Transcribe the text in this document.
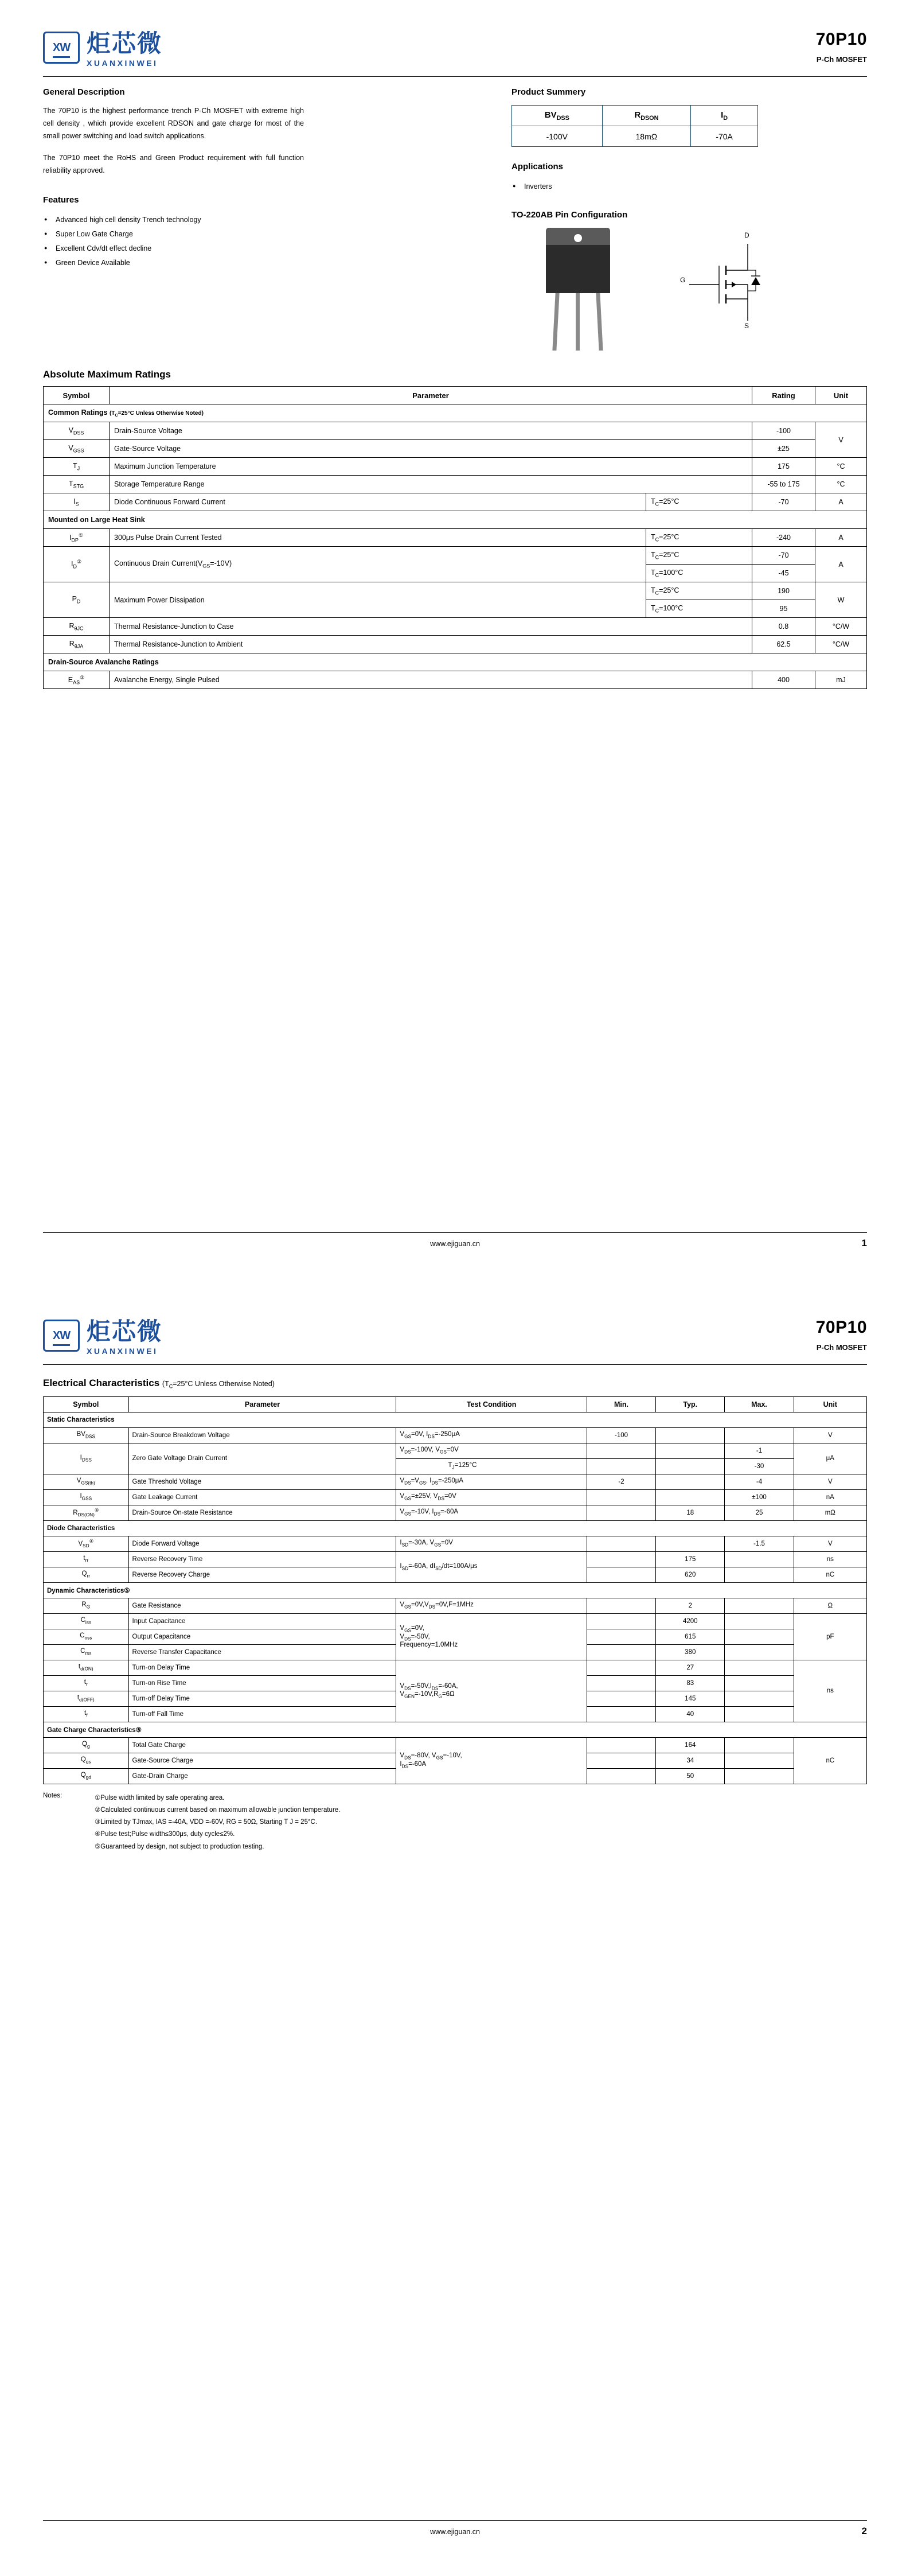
XW 炬芯微
XUANXINWEI
70P10
P-Ch MOSFET
General Description
The 70P10 is the highest performance trench P-Ch MOSFET with extreme high cell density , which provide excellent RDSON and gate charge for most of the small power switching and load switch applications.
The 70P10 meet the RoHS and Green Product requirement with full function reliability approved.
Features
● Advanced high cell density Trench technology
● Super Low Gate Charge
● Excellent Cdv/dt effect decline
● Green Device Available
Product Summery
$BV_{DSS}$	$R_{DSON}$	$I_D$
-100V	18mΩ	-70A
Applications
● Inverters
TO-220AB Pin Configuration
D
G
S
Absolute Maximum Ratings
Symbol	Parameter		Rating	Unit
Common Ratings ($T_C=25^\circ C$ Unless Otherwise Noted)				
$V_{DSS}$	Drain-Source Voltage		-100	V
$V_{GSS}$	Gate-Source Voltage		±25	
$T_J$	Maximum Junction Temperature		175	°C
$T_{STG}$	Storage Temperature Range		-55 to 175	°C
$I_S$	Diode Continuous Forward Current	$T_C=25^\circ C$	-70	A
Mounted on Large Heat Sink				
$I_{DP}^①$	300μs Pulse Drain Current Tested	$T_C=25^\circ C$	-240	A
$I_D^②$	Continuous Drain $Current(V_{GS}=-10V)$	$T_C=25^\circ C$	-70	A
		$T_C=100^\circ C$	-45	
$P_D$	Maximum Power Dissipation	$T_C=25^\circ C$	190	W
		$T_C=100^\circ C$	95	
$R_{\theta JC}$	Thermal Resistance-Junction to Case		0.8	°C/W
$R_{\theta JA}$	Thermal Resistance-Junction to Ambient		62.5	°C/W
Drain-Source Avalanche Ratings				
$E_{AS}^③$	Avalanche Energy, Single Pulsed		400	mJ
www.ejiguan.cn	1
XW 炬芯微
XUANXINWEI
70P10
P-Ch MOSFET
Electrical Characteristics ($T_C=25^\circ C$ Unless Otherwise Noted)
Symbol	Parameter	Test Condition	Min.	Typ.	Max.	Unit
Static Characteristics						
$BV_{DSS}$	Drain-Source Breakdown Voltage	$V_{GS}=0V$, $I_{DS}=-250\mu A$	-100			V
$I_{DSS}$	Zero Gate Voltage Drain Current	$V_{DS}=-100V$, $V_{GS}=0V$			-1	μA
		$T_J=125^\circ C$			-30	
$V_{GS(th)}$	Gate Threshold Voltage	$V_{DS}=V_{GS}$, $I_{DS}=-250\mu A$	-2		-4	V
$I_{GSS}$	Gate Leakage Current	$V_{GS}=\pm 25V$, $V_{DS}=0V$			±100	nA
$R_{DS(ON)}^④$	Drain-Source On-state Resistance	$V_{GS}=-10V$, $I_{DS}=-60A$		18	25	mΩ
Diode Characteristics						
$V_{SD}^④$	Diode Forward Voltage	$I_{SD}=-30A$, $V_{GS}=0V$			-1.5	V
$t_{rr}$	Reverse Recovery Time	$I_{SD}=-60A$, $dI_{SD}/dt=100A/\mu s$		175		ns
$Q_{rr}$	Reverse Recovery Charge			620		nC
Dynamic Characteristics⑤						
$R_G$	Gate Resistance	$V_{GS}=0V,V_{DS}=0V,F=1MHz$		2		Ω
$C_{iss}$	Input Capacitance	$V_{GS}=0V$,
$V_{DS}=-50V$,
Frequency=1.0MHz		4200		pF
$C_{oss}$	Output Capacitance			615		
$C_{rss}$	Reverse Transfer Capacitance			380		
$t_{d(ON)}$	Turn-on Delay Time	$V_{DS}=-50V,I_{DS}=-60A$,
$V_{GEN}=-10V,R_G=6\Omega$		27		ns
$t_r$	Turn-on Rise Time			83		
$t_{d(OFF)}$	Turn-off Delay Time			145		
$t_f$	Turn-off Fall Time			40		
Gate Charge Characteristics⑤						
$Q_g$	Total Gate Charge	$V_{DS}=-80V$, $V_{GS}=-10V$,
$I_{DS}=-60A$		164		nC
$Q_{gs}$	Gate-Source Charge			34		
$Q_{gd}$	Gate-Drain Charge			50		
Notes:	①Pulse width limited by safe operating area.
②Calculated continuous current based on maximum allowable junction temperature.
③Limited by TJmax, IAS =-40A, VDD =-60V, RG = 50Ω, Starting T J = 25°C.
④Pulse test;Pulse width≤300μs, duty cycle≤2%.
⑤Guaranteed by design, not subject to production testing.
www.ejiguan.cn	2
